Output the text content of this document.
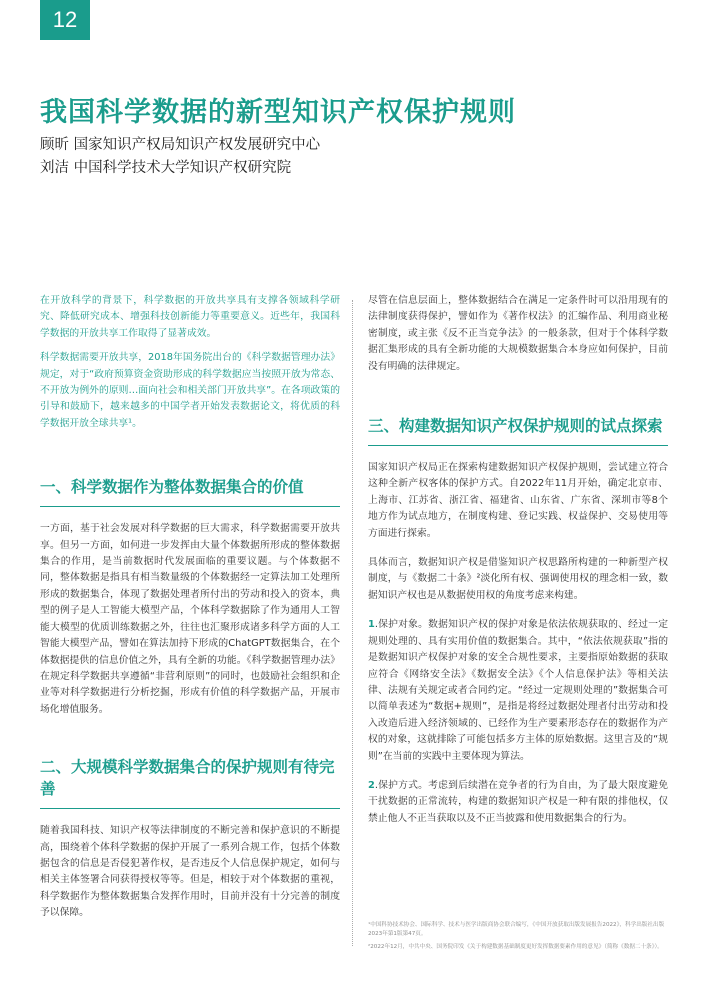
12
我国科学数据的新型知识产权保护规则
顾昕 国家知识产权局知识产权发展研究中心
刘洁 中国科学技术大学知识产权研究院

在开放科学的背景下，科学数据的开放共享具有支撑各领域科学研究、降低研究成本、增强科技创新能力等重要意义。近些年，我国科学数据的开放共享工作取得了显著成效。

科学数据需要开放共享，2018年国务院出台的《科学数据管理办法》规定，对于“政府预算资金资助形成的科学数据应当按照开放为常态、不开放为例外的原则…面向社会和相关部门开放共享”。在各项政策的引导和鼓励下，越来越多的中国学者开始发表数据论文，将优质的科学数据开放全球共享¹。

一、科学数据作为整体数据集合的价值

一方面，基于社会发展对科学数据的巨大需求，科学数据需要开放共享。但另一方面，如何进一步发挥由大量个体数据所形成的整体数据集合的作用，是当前数据时代发展面临的重要议题。与个体数据不同，整体数据是指具有相当数量级的个体数据经一定算法加工处理所形成的数据集合，体现了数据处理者所付出的劳动和投入的资本，典型的例子是人工智能大模型产品，个体科学数据除了作为通用人工智能大模型的优质训练数据之外，往往也汇聚形成诸多科学方面的人工智能大模型产品，譬如在算法加持下形成的ChatGPT数据集合，在个体数据提供的信息价值之外，具有全新的功能。《科学数据管理办法》在规定科学数据共享遵循“非营利原则”的同时，也鼓励社会组织和企业等对科学数据进行分析挖掘，形成有价值的科学数据产品，开展市场化增值服务。

二、大规模科学数据集合的保护规则有待完善

随着我国科技、知识产权等法律制度的不断完善和保护意识的不断提高，围绕着个体科学数据的保护开展了一系列合规工作，包括个体数据包含的信息是否侵犯著作权，是否违反个人信息保护规定，如何与相关主体签署合同获得授权等等。但是，相较于对个体数据的重视，科学数据作为整体数据集合发挥作用时，目前并没有十分完善的制度予以保障。

尽管在信息层面上，整体数据结合在满足一定条件时可以沿用现有的法律制度获得保护，譬如作为《著作权法》的汇编作品、利用商业秘密制度，或主张《反不正当竞争法》的一般条款，但对于个体科学数据汇集形成的具有全新功能的大规模数据集合本身应如何保护，目前没有明确的法律规定。

三、构建数据知识产权保护规则的试点探索

国家知识产权局正在探索构建数据知识产权保护规则，尝试建立符合这种全新产权客体的保护方式。自2022年11月开始，确定北京市、上海市、江苏省、浙江省、福建省、山东省、广东省、深圳市等8个地方作为试点地方，在制度构建、登记实践、权益保护、交易使用等方面进行探索。

具体而言，数据知识产权是借鉴知识产权思路所构建的一种新型产权制度，与《数据二十条》²淡化所有权、强调使用权的理念相一致，数据知识产权也是从数据使用权的角度考虑来构建。

1.保护对象。数据知识产权的保护对象是依法依规获取的、经过一定规则处理的、具有实用价值的数据集合。其中，“依法依规获取”指的是数据知识产权保护对象的安全合规性要求，主要指原始数据的获取应符合《网络安全法》《数据安全法》《个人信息保护法》等相关法律、法规有关规定或者合同约定。“经过一定规则处理的”数据集合可以简单表述为“数据+规则”，是指是将经过数据处理者付出劳动和投入改造后进入经济领域的、已经作为生产要素形态存在的数据作为产权的对象，这就排除了可能包括多方主体的原始数据。这里言及的“规则”在当前的实践中主要体现为算法。

2.保护方式。考虑到后续潜在竞争者的行为自由，为了最大限度避免干扰数据的正常流转，构建的数据知识产权是一种有限的排他权，仅禁止他人不正当获取以及不正当披露和使用数据集合的行为。

¹中国科协技术协会、国际科学、技术与医学出版商协会联合编写，《中国开放获取出版发展报告2022》，科学出版社出版2023年第1版第47页。

²2022年12月，中共中央、国务院印发《关于构建数据基础制度更好发挥数据要素作用的意见》（简称《数据二十条》）。
